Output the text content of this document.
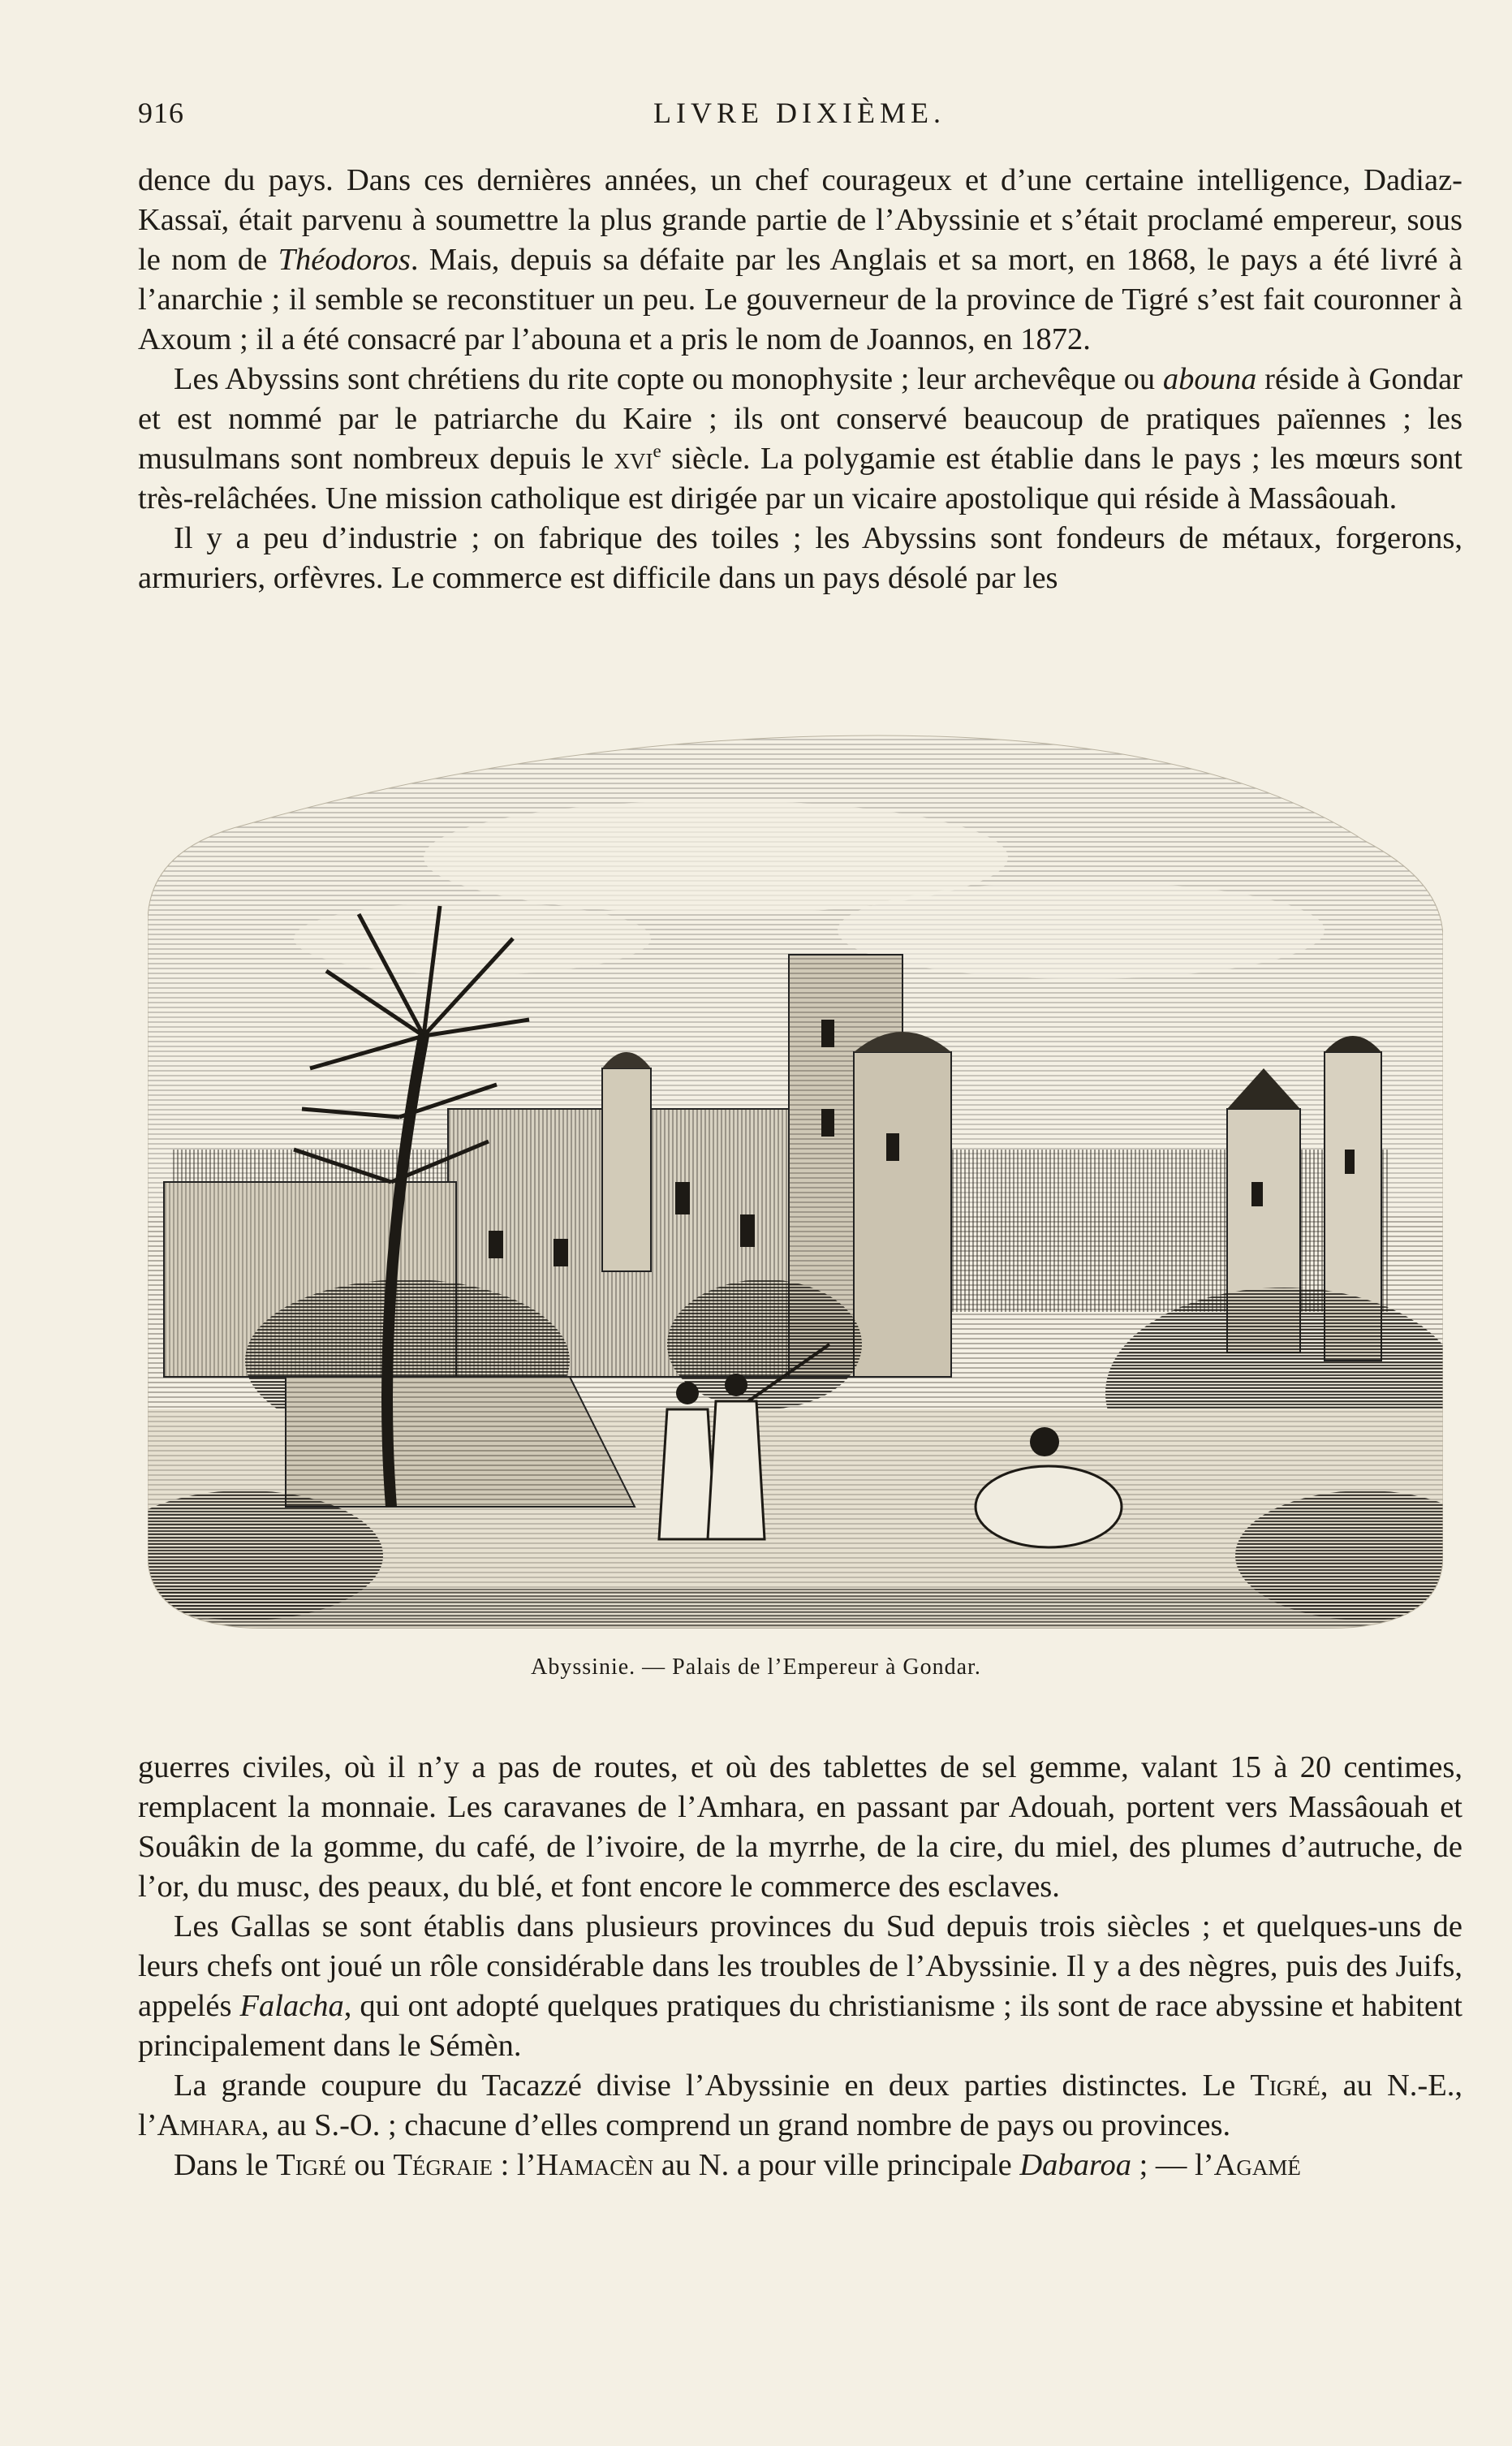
916	LIVRE DIXIÈME.

dence du pays. Dans ces dernières années, un chef courageux et d’une certaine intelligence, Dadiaz-Kassaï, était parvenu à soumettre la plus grande partie de l’Abyssinie et s’était proclamé empereur, sous le nom de Théodoros. Mais, depuis sa défaite par les Anglais et sa mort, en 1868, le pays a été livré à l’anarchie ; il semble se reconstituer un peu. Le gouverneur de la province de Tigré s’est fait couronner à Axoum ; il a été consacré par l’abouna et a pris le nom de Joannos, en 1872.

Les Abyssins sont chrétiens du rite copte ou monophysite ; leur archevêque ou abouna réside à Gondar et est nommé par le patriarche du Kaire ; ils ont conservé beaucoup de pratiques païennes ; les musulmans sont nombreux depuis le xvi$^e$ siècle. La polygamie est établie dans le pays ; les mœurs sont très-relâchées. Une mission catholique est dirigée par un vicaire apostolique qui réside à Massâouah.

Il y a peu d’industrie ; on fabrique des toiles ; les Abyssins sont fondeurs de métaux, forgerons, armuriers, orfèvres. Le commerce est difficile dans un pays désolé par les

Abyssinie. — Palais de l’Empereur à Gondar.

guerres civiles, où il n’y a pas de routes, et où des tablettes de sel gemme, valant 15 à 20 centimes, remplacent la monnaie. Les caravanes de l’Amhara, en passant par Adouah, portent vers Massâouah et Souâkin de la gomme, du café, de l’ivoire, de la myrrhe, de la cire, du miel, des plumes d’autruche, de l’or, du musc, des peaux, du blé, et font encore le commerce des esclaves.

Les Gallas se sont établis dans plusieurs provinces du Sud depuis trois siècles ; et quelques-uns de leurs chefs ont joué un rôle considérable dans les troubles de l’Abyssinie. Il y a des nègres, puis des Juifs, appelés Falacha, qui ont adopté quelques pratiques du christianisme ; ils sont de race abyssine et habitent principalement dans le Sémèn.

La grande coupure du Tacazzé divise l’Abyssinie en deux parties distinctes. Le Tigré, au N.-E., l’Amhara, au S.-O. ; chacune d’elles comprend un grand nombre de pays ou provinces.

Dans le Tigré ou Tégraie : l’Hamacèn au N. a pour ville principale Dabaroa ; — l’Agamé
